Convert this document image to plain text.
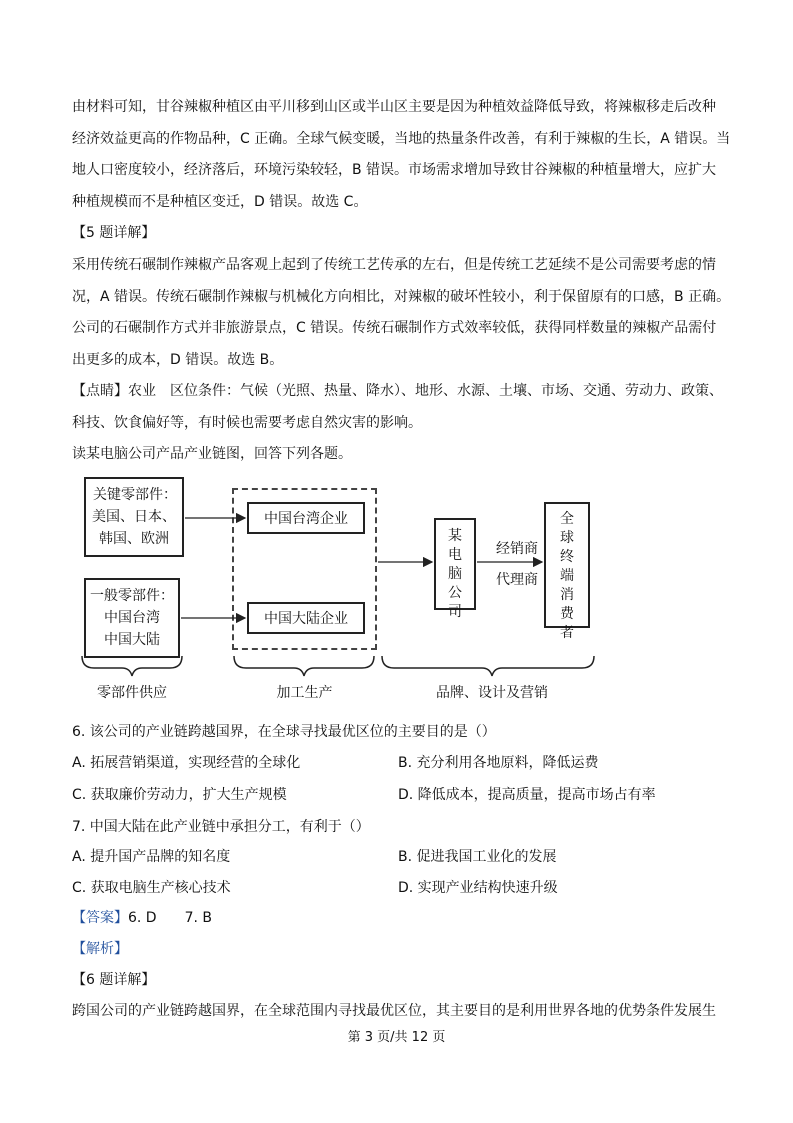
由材料可知，甘谷辣椒种植区由平川移到山区或半山区主要是因为种植效益降低导致，将辣椒移走后改种
经济效益更高的作物品种，C 正确。全球气候变暖，当地的热量条件改善，有利于辣椒的生长，A 错误。当
地人口密度较小，经济落后，环境污染较轻，B 错误。市场需求增加导致甘谷辣椒的种植量增大，应扩大
种植规模而不是种植区变迁，D 错误。故选 C。
【5 题详解】
采用传统石碾制作辣椒产品客观上起到了传统工艺传承的左右，但是传统工艺延续不是公司需要考虑的情
况，A 错误。传统石碾制作辣椒与机械化方向相比，对辣椒的破坏性较小，利于保留原有的口感，B 正确。
公司的石碾制作方式并非旅游景点，C 错误。传统石碾制作方式效率较低，获得同样数量的辣椒产品需付
出更多的成本，D 错误。故选 B。
【点睛】农业　区位条件：气候（光照、热量、降水）、地形、水源、土壤、市场、交通、劳动力、政策、
科技、饮食偏好等，有时候也需要考虑自然灾害的影响。
读某电脑公司产品产业链图，回答下列各题。
关键零部件：
美国、日本、
韩国、欧洲
一般零部件：
中国台湾
中国大陆
中国台湾企业
中国大陆企业
某电脑公司
经销商
代理商
全球终端消费者
零部件供应	加工生产	品牌、设计及营销
6. 该公司的产业链跨越国界，在全球寻找最优区位的主要目的是（）
A. 拓展营销渠道，实现经营的全球化	B. 充分利用各地原料，降低运费
C. 获取廉价劳动力，扩大生产规模	D. 降低成本，提高质量，提高市场占有率
7. 中国大陆在此产业链中承担分工，有利于（）
A. 提升国产品牌的知名度	B. 促进我国工业化的发展
C. 获取电脑生产核心技术	D. 实现产业结构快速升级
【答案】6. D　　7. B
【解析】
【6 题详解】
跨国公司的产业链跨越国界，在全球范围内寻找最优区位，其主要目的是利用世界各地的优势条件发展生
第 3 页/共 12 页
